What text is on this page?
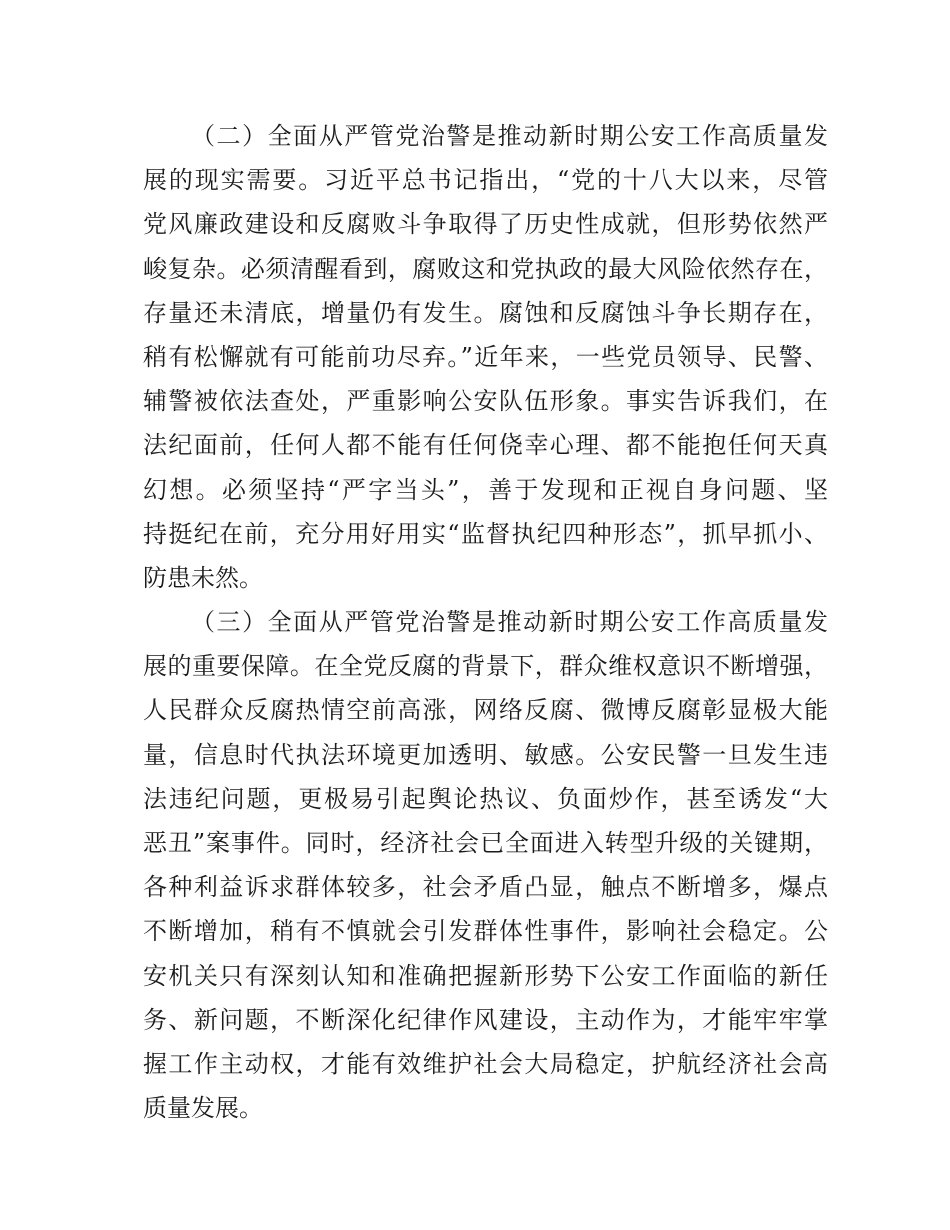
（二）全面从严管党治警是推动新时期公安工作高质量发
展的现实需要。习近平总书记指出，“党的十八大以来，尽管
党风廉政建设和反腐败斗争取得了历史性成就，但形势依然严
峻复杂。必须清醒看到，腐败这和党执政的最大风险依然存在，
存量还未清底，增量仍有发生。腐蚀和反腐蚀斗争长期存在，
稍有松懈就有可能前功尽弃。”近年来，一些党员领导、民警、
辅警被依法查处，严重影响公安队伍形象。事实告诉我们，在
法纪面前，任何人都不能有任何侥幸心理、都不能抱任何天真
幻想。必须坚持“严字当头”，善于发现和正视自身问题、坚
持挺纪在前，充分用好用实“监督执纪四种形态”，抓早抓小、
防患未然。
（三）全面从严管党治警是推动新时期公安工作高质量发
展的重要保障。在全党反腐的背景下，群众维权意识不断增强，
人民群众反腐热情空前高涨，网络反腐、微博反腐彰显极大能
量，信息时代执法环境更加透明、敏感。公安民警一旦发生违
法违纪问题，更极易引起舆论热议、负面炒作，甚至诱发“大
恶丑”案事件。同时，经济社会已全面进入转型升级的关键期，
各种利益诉求群体较多，社会矛盾凸显，触点不断增多，爆点
不断增加，稍有不慎就会引发群体性事件，影响社会稳定。公
安机关只有深刻认知和准确把握新形势下公安工作面临的新任
务、新问题，不断深化纪律作风建设，主动作为，才能牢牢掌
握工作主动权，才能有效维护社会大局稳定，护航经济社会高
质量发展。
